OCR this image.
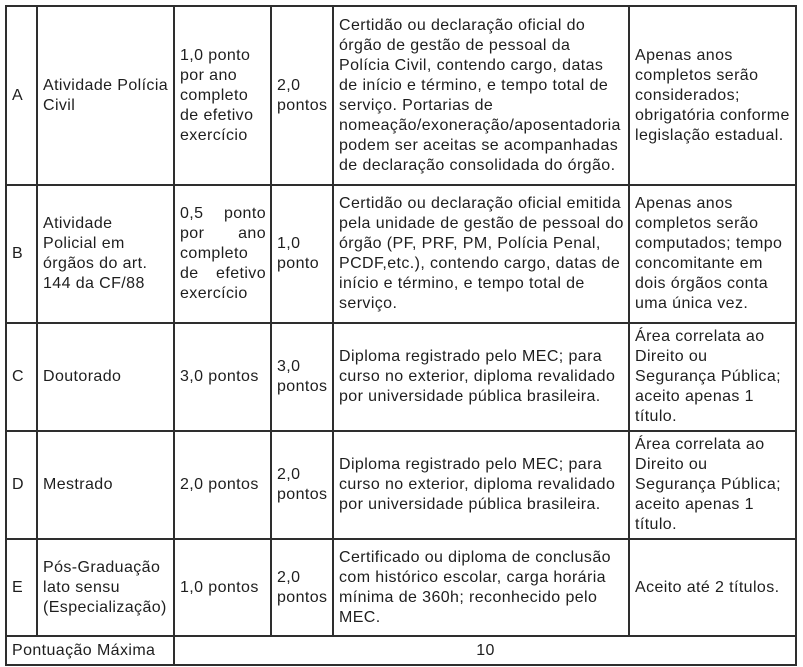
A	Atividade Polícia Civil	1,0 ponto por ano completo de efetivo exercício	2,0 pontos	Certidão ou declaração oficial do órgão de gestão de pessoal da Polícia Civil, contendo cargo, datas de início e término, e tempo total de serviço. Portarias de nomeação/exoneração/aposentadoria podem ser aceitas se acompanhadas de declaração consolidada do órgão.	Apenas anos completos serão considerados; obrigatória conforme legislação estadual.
B	Atividade Policial em órgãos do art. 144 da CF/88	0,5 ponto por ano completo de efetivo exercício	1,0 ponto	Certidão ou declaração oficial emitida pela unidade de gestão de pessoal do órgão (PF, PRF, PM, Polícia Penal, PCDF,etc.), contendo cargo, datas de início e término, e tempo total de serviço.	Apenas anos completos serão computados; tempo concomitante em dois órgãos conta uma única vez.
C	Doutorado	3,0 pontos	3,0 pontos	Diploma registrado pelo MEC; para curso no exterior, diploma revalidado por universidade pública brasileira.	Área correlata ao Direito ou Segurança Pública; aceito apenas 1 título.
D	Mestrado	2,0 pontos	2,0 pontos	Diploma registrado pelo MEC; para curso no exterior, diploma revalidado por universidade pública brasileira.	Área correlata ao Direito ou Segurança Pública; aceito apenas 1 título.
E	Pós-Graduação lato sensu (Especialização)	1,0 pontos	2,0 pontos	Certificado ou diploma de conclusão com histórico escolar, carga horária mínima de 360h; reconhecido pelo MEC.	Aceito até 2 títulos.
Pontuação Máxima		10			
